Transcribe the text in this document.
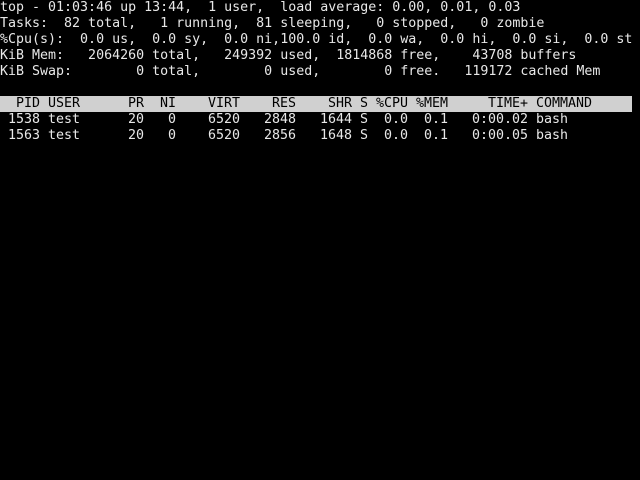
top - 01:03:46 up 13:44,  1 user,  load average: 0.00, 0.01, 0.03
Tasks:  82 total,   1 running,  81 sleeping,   0 stopped,   0 zombie
%Cpu(s):  0.0 us,  0.0 sy,  0.0 ni,100.0 id,  0.0 wa,  0.0 hi,  0.0 si,  0.0 st
KiB Mem:   2064260 total,   249392 used,  1814868 free,    43708 buffers
KiB Swap:        0 total,        0 used,        0 free.   119172 cached Mem
PID USER	PR	NI	VIRT	RES	SHR S %CPU %MEM	TIME+ COMMAND
1538 test	20	0	6520	2848	1644 S	0.0	0.1 0:00.02 bash
1563 test	20	0	6520	2856	1648 S	0.0	0.1 0:00.05 bash
